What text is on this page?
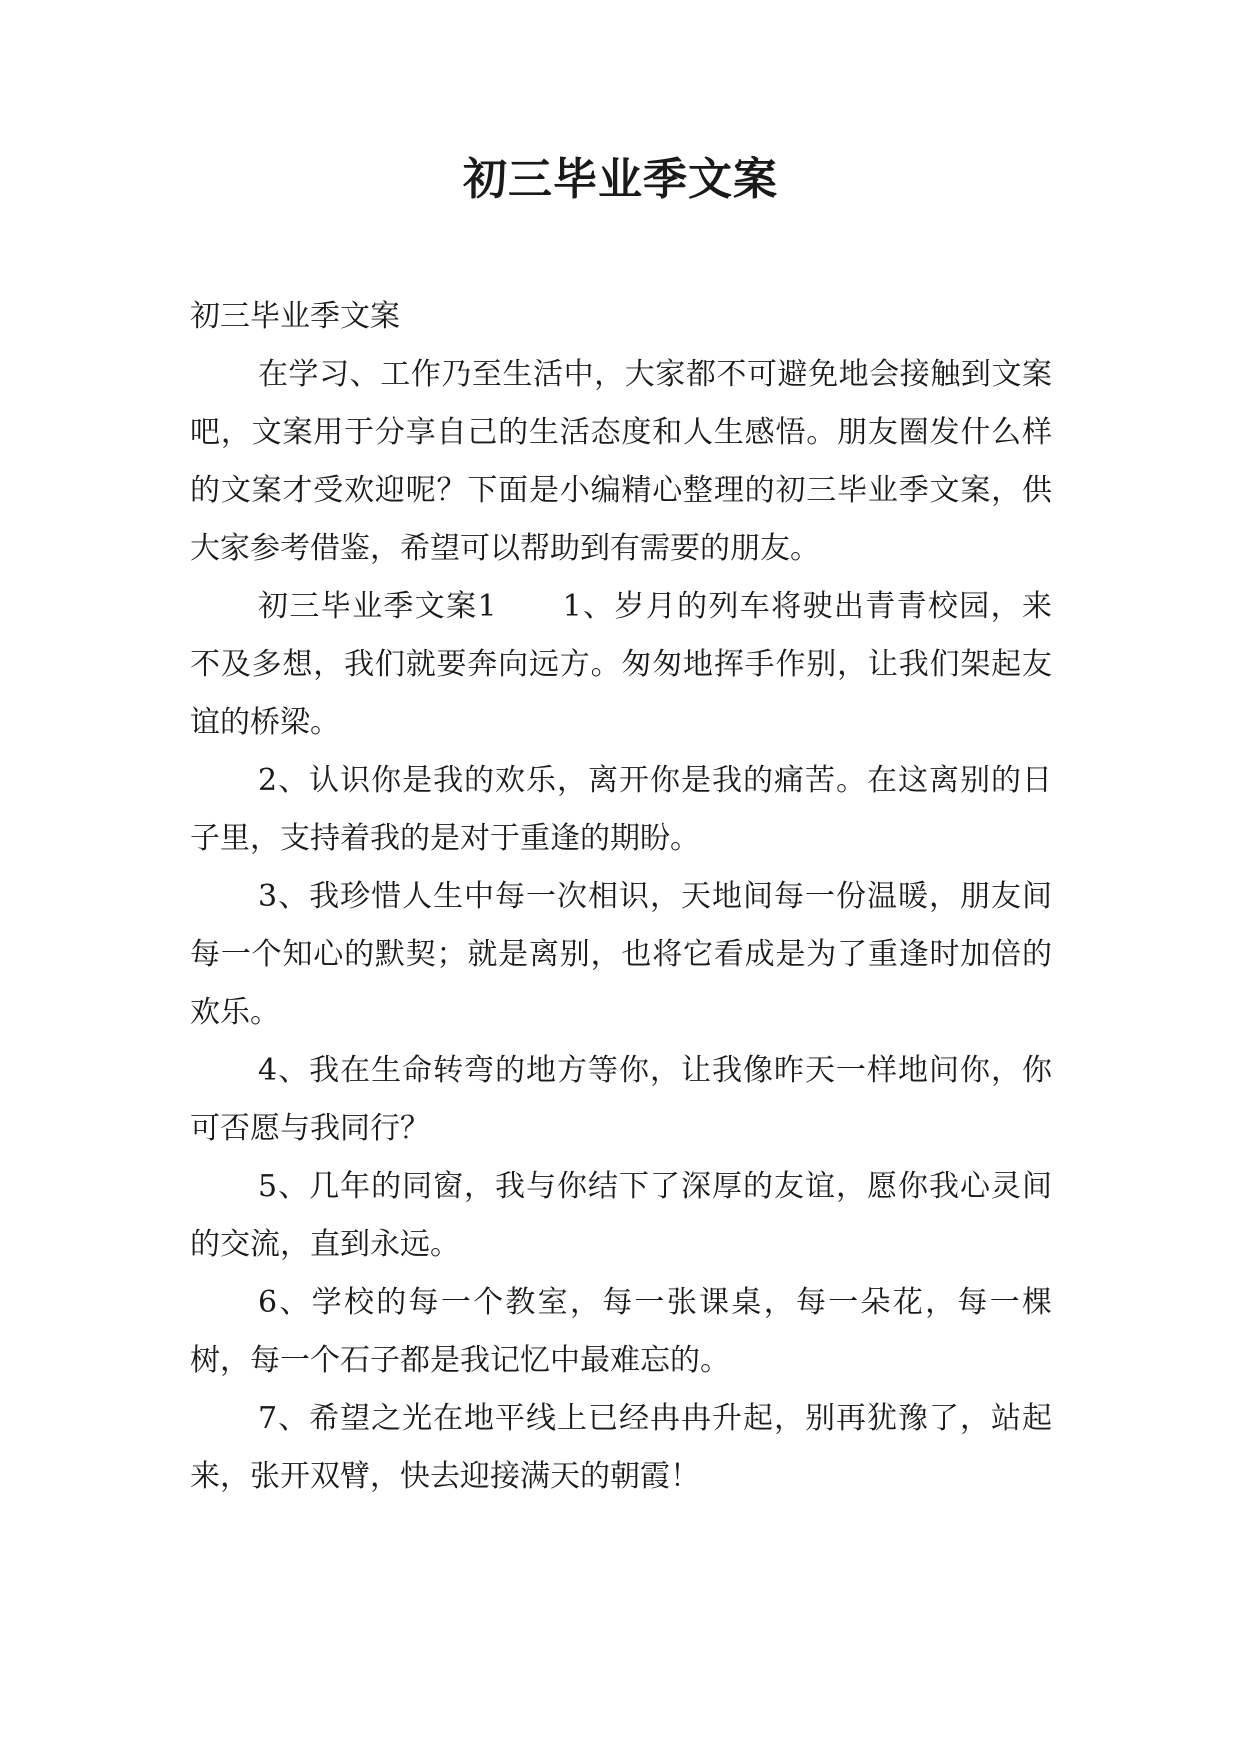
初三毕业季文案

初三毕业季文案

在学习、工作乃至生活中，大家都不可避免地会接触到文案吧，文案用于分享自己的生活态度和人生感悟。朋友圈发什么样的文案才受欢迎呢？下面是小编精心整理的初三毕业季文案，供大家参考借鉴，希望可以帮助到有需要的朋友。

初三毕业季文案1 1、岁月的列车将驶出青青校园，来不及多想，我们就要奔向远方。匆匆地挥手作别，让我们架起友谊的桥梁。

2、认识你是我的欢乐，离开你是我的痛苦。在这离别的日子里，支持着我的是对于重逢的期盼。

3、我珍惜人生中每一次相识，天地间每一份温暖，朋友间每一个知心的默契；就是离别，也将它看成是为了重逢时加倍的欢乐。

4、我在生命转弯的地方等你，让我像昨天一样地问你，你可否愿与我同行？

5、几年的同窗，我与你结下了深厚的友谊，愿你我心灵间的交流，直到永远。

6、学校的每一个教室，每一张课桌，每一朵花，每一棵树，每一个石子都是我记忆中最难忘的。

7、希望之光在地平线上已经冉冉升起，别再犹豫了，站起来，张开双臂，快去迎接满天的朝霞！
